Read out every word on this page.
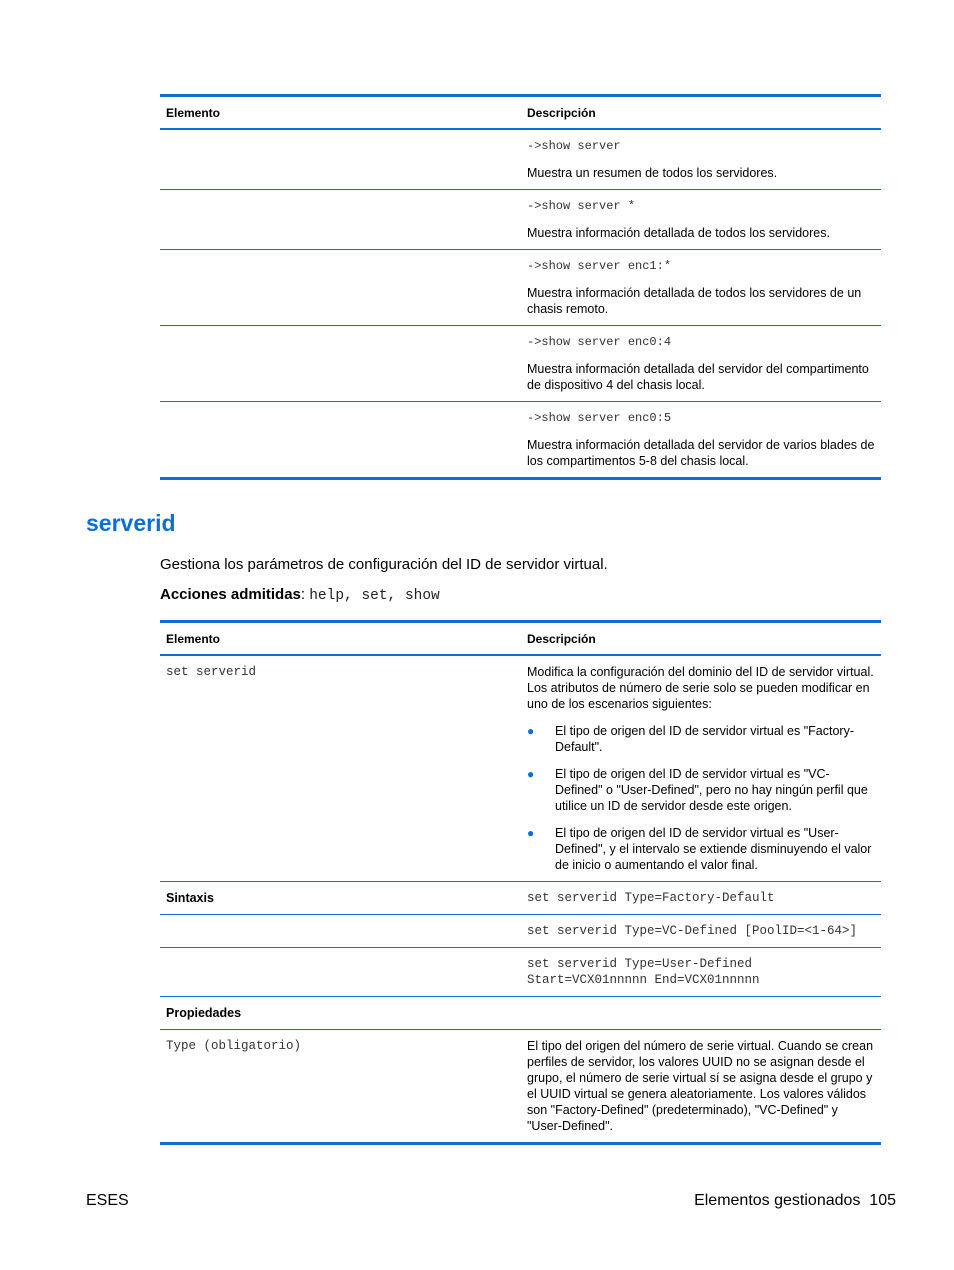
Elemento	Descripción

->show server

Muestra un resumen de todos los servidores.

->show server *

Muestra información detallada de todos los servidores.

->show server enc1:*

Muestra información detallada de todos los servidores de un chasis remoto.

->show server enc0:4

Muestra información detallada del servidor del compartimento de dispositivo 4 del chasis local.

->show server enc0:5

Muestra información detallada del servidor de varios blades de los compartimentos 5-8 del chasis local.

serverid
Gestiona los parámetros de configuración del ID de servidor virtual.
Acciones admitidas: help, set, show
Elemento	Descripción
set serverid	Modifica la configuración del dominio del ID de servidor virtual. Los atributos de número de serie solo se pueden modificar en uno de los escenarios siguientes:

● El tipo de origen del ID de servidor virtual es "Factory-Default".
● El tipo de origen del ID de servidor virtual es "VC-Defined" o "User-Defined", pero no hay ningún perfil que utilice un ID de servidor desde este origen.
● El tipo de origen del ID de servidor virtual es "User-Defined", y el intervalo se extiende disminuyendo el valor de inicio o aumentando el valor final.
Sintaxis	set serverid Type=Factory-Default
set serverid Type=VC-Defined [PoolID=<1-64>]
set serverid Type=User-Defined
Start=VCX01nnnnn End=VCX01nnnnn
Propiedades
Type (obligatorio)	El tipo del origen del número de serie virtual. Cuando se crean perfiles de servidor, los valores UUID no se asignan desde el grupo, el número de serie virtual sí se asigna desde el grupo y el UUID virtual se genera aleatoriamente. Los valores válidos son "Factory-Defined" (predeterminado), "VC-Defined" y "User-Defined".
ESES	Elementos gestionados 105
